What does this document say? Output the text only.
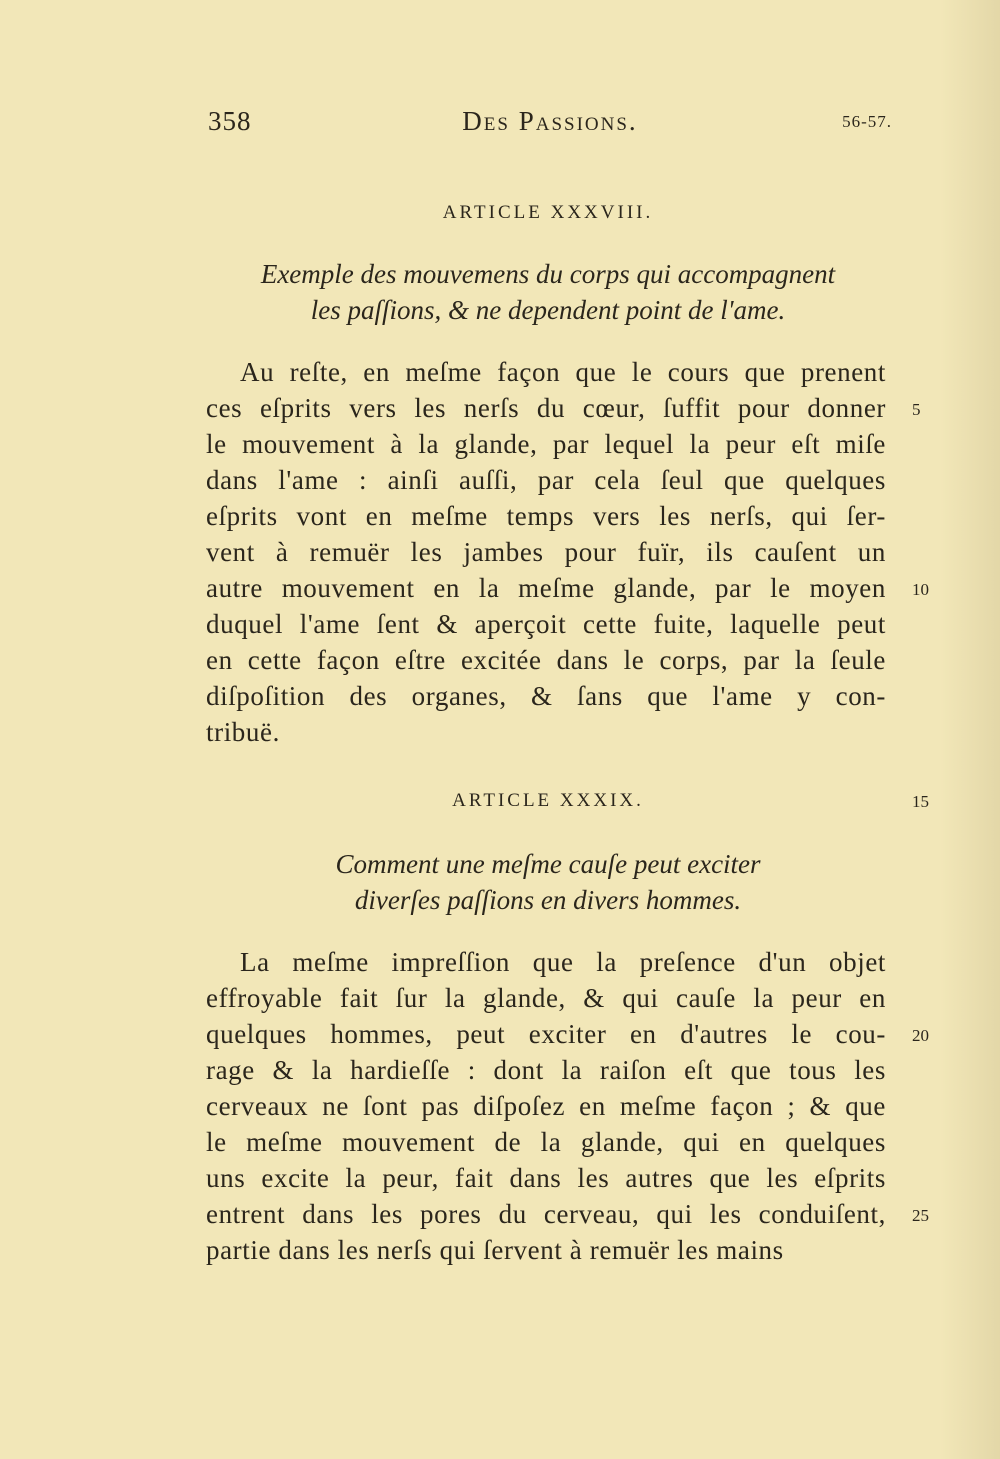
358	Des Passions.	56-57.
ARTICLE XXXVIII.
Exemple des mouvemens du corps qui accompagnent
les paſſions, & ne dependent point de l'ame.
Au reſte, en meſme façon que le cours que prenent
ces eſprits vers les nerſs du cœur, ſuffit pour donner
le mouvement à la glande, par lequel la peur eſt miſe
dans l'ame : ainſi auſſi, par cela ſeul que quelques
eſprits vont en meſme temps vers les nerſs, qui ſer-
vent à remuër les jambes pour fuïr, ils cauſent un
autre mouvement en la meſme glande, par le moyen
duquel l'ame ſent & aperçoit cette fuite, laquelle peut
en cette façon eſtre excitée dans le corps, par la ſeule
diſpoſition des organes, & ſans que l'ame y con-
tribuë.
ARTICLE XXXIX.
Comment une meſme cauſe peut exciter
diverſes paſſions en divers hommes.
La meſme impreſſion que la preſence d'un objet
effroyable fait ſur la glande, & qui cauſe la peur en
quelques hommes, peut exciter en d'autres le cou-
rage & la hardieſſe : dont la raiſon eſt que tous les
cerveaux ne ſont pas diſpoſez en meſme façon ; & que
le meſme mouvement de la glande, qui en quelques
uns excite la peur, fait dans les autres que les eſprits
entrent dans les pores du cerveau, qui les conduiſent,
partie dans les nerſs qui ſervent à remuër les mains
5
10
15
20
25
